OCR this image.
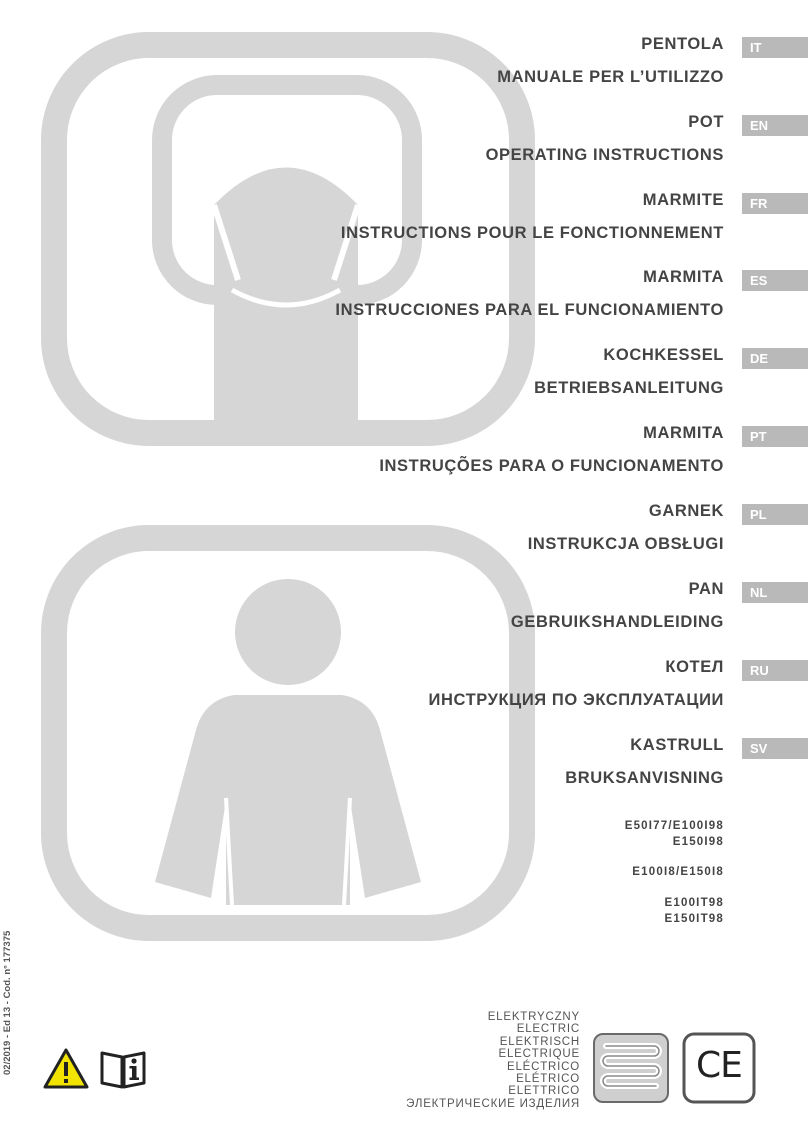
PENTOLA
MANUALE PER L’UTILIZZO
IT
POT
OPERATING INSTRUCTIONS
EN
MARMITE
INSTRUCTIONS POUR LE FONCTIONNEMENT
FR
MARMITA
INSTRUCCIONES PARA EL FUNCIONAMIENTO
ES
KOCHKESSEL
BETRIEBSANLEITUNG
DE
MARMITA
INSTRUÇÕES PARA O FUNCIONAMENTO
PT
GARNEK
INSTRUKCJA OBSŁUGI
PL
PAN
GEBRUIKSHANDLEIDING
NL
КОТЕЛ
ИНСТРУКЦИЯ ПО ЭКСПЛУАТАЦИИ
RU
KASTRULL
BRUKSANVISNING
SV
E50I77/E100I98
E150I98
E100I8/E150I8
E100IT98
E150IT98
ELEKTRYCZNY
ELECTRIC
ELEKTRISCH
ELECTRIQUE
ELÉCTRICO
ELÉTRICO
ELETTRICO
ЭЛЕКТРИЧЕСКИЕ ИЗДЕЛИЯ
02/2019 - Ed 13 - Cod. n° 177375	CE
